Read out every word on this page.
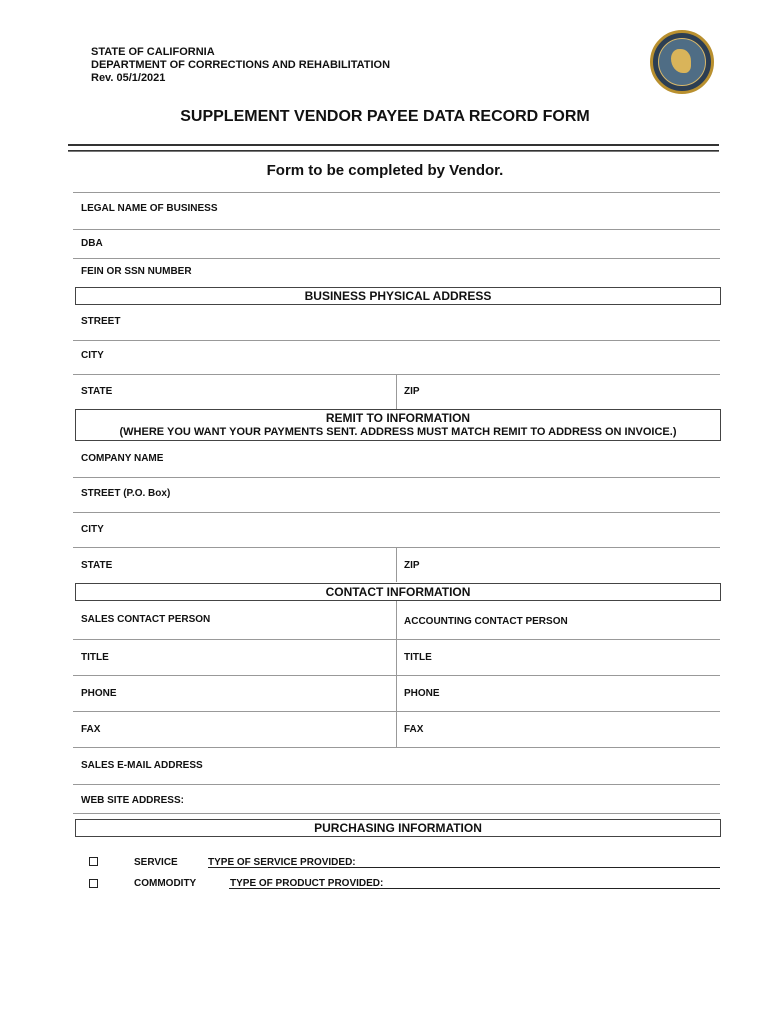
STATE OF CALIFORNIA
DEPARTMENT OF CORRECTIONS AND REHABILITATION
Rev. 05/1/2021
SUPPLEMENT VENDOR PAYEE DATA RECORD FORM
Form to be completed by Vendor.
LEGAL NAME OF BUSINESS
DBA
FEIN OR SSN NUMBER
BUSINESS PHYSICAL ADDRESS
STREET
CITY
STATE	ZIP
REMIT TO INFORMATION
(WHERE YOU WANT YOUR PAYMENTS SENT. ADDRESS MUST MATCH REMIT TO ADDRESS ON INVOICE.)
COMPANY NAME
STREET (P.O. Box)
CITY
STATE	ZIP
CONTACT INFORMATION
SALES CONTACT PERSON	ACCOUNTING CONTACT PERSON
TITLE	TITLE
PHONE	PHONE
FAX	FAX
SALES E-MAIL ADDRESS
WEB SITE ADDRESS:
PURCHASING INFORMATION
SERVICE	TYPE OF SERVICE PROVIDED:
COMMODITY	TYPE OF PRODUCT PROVIDED:
